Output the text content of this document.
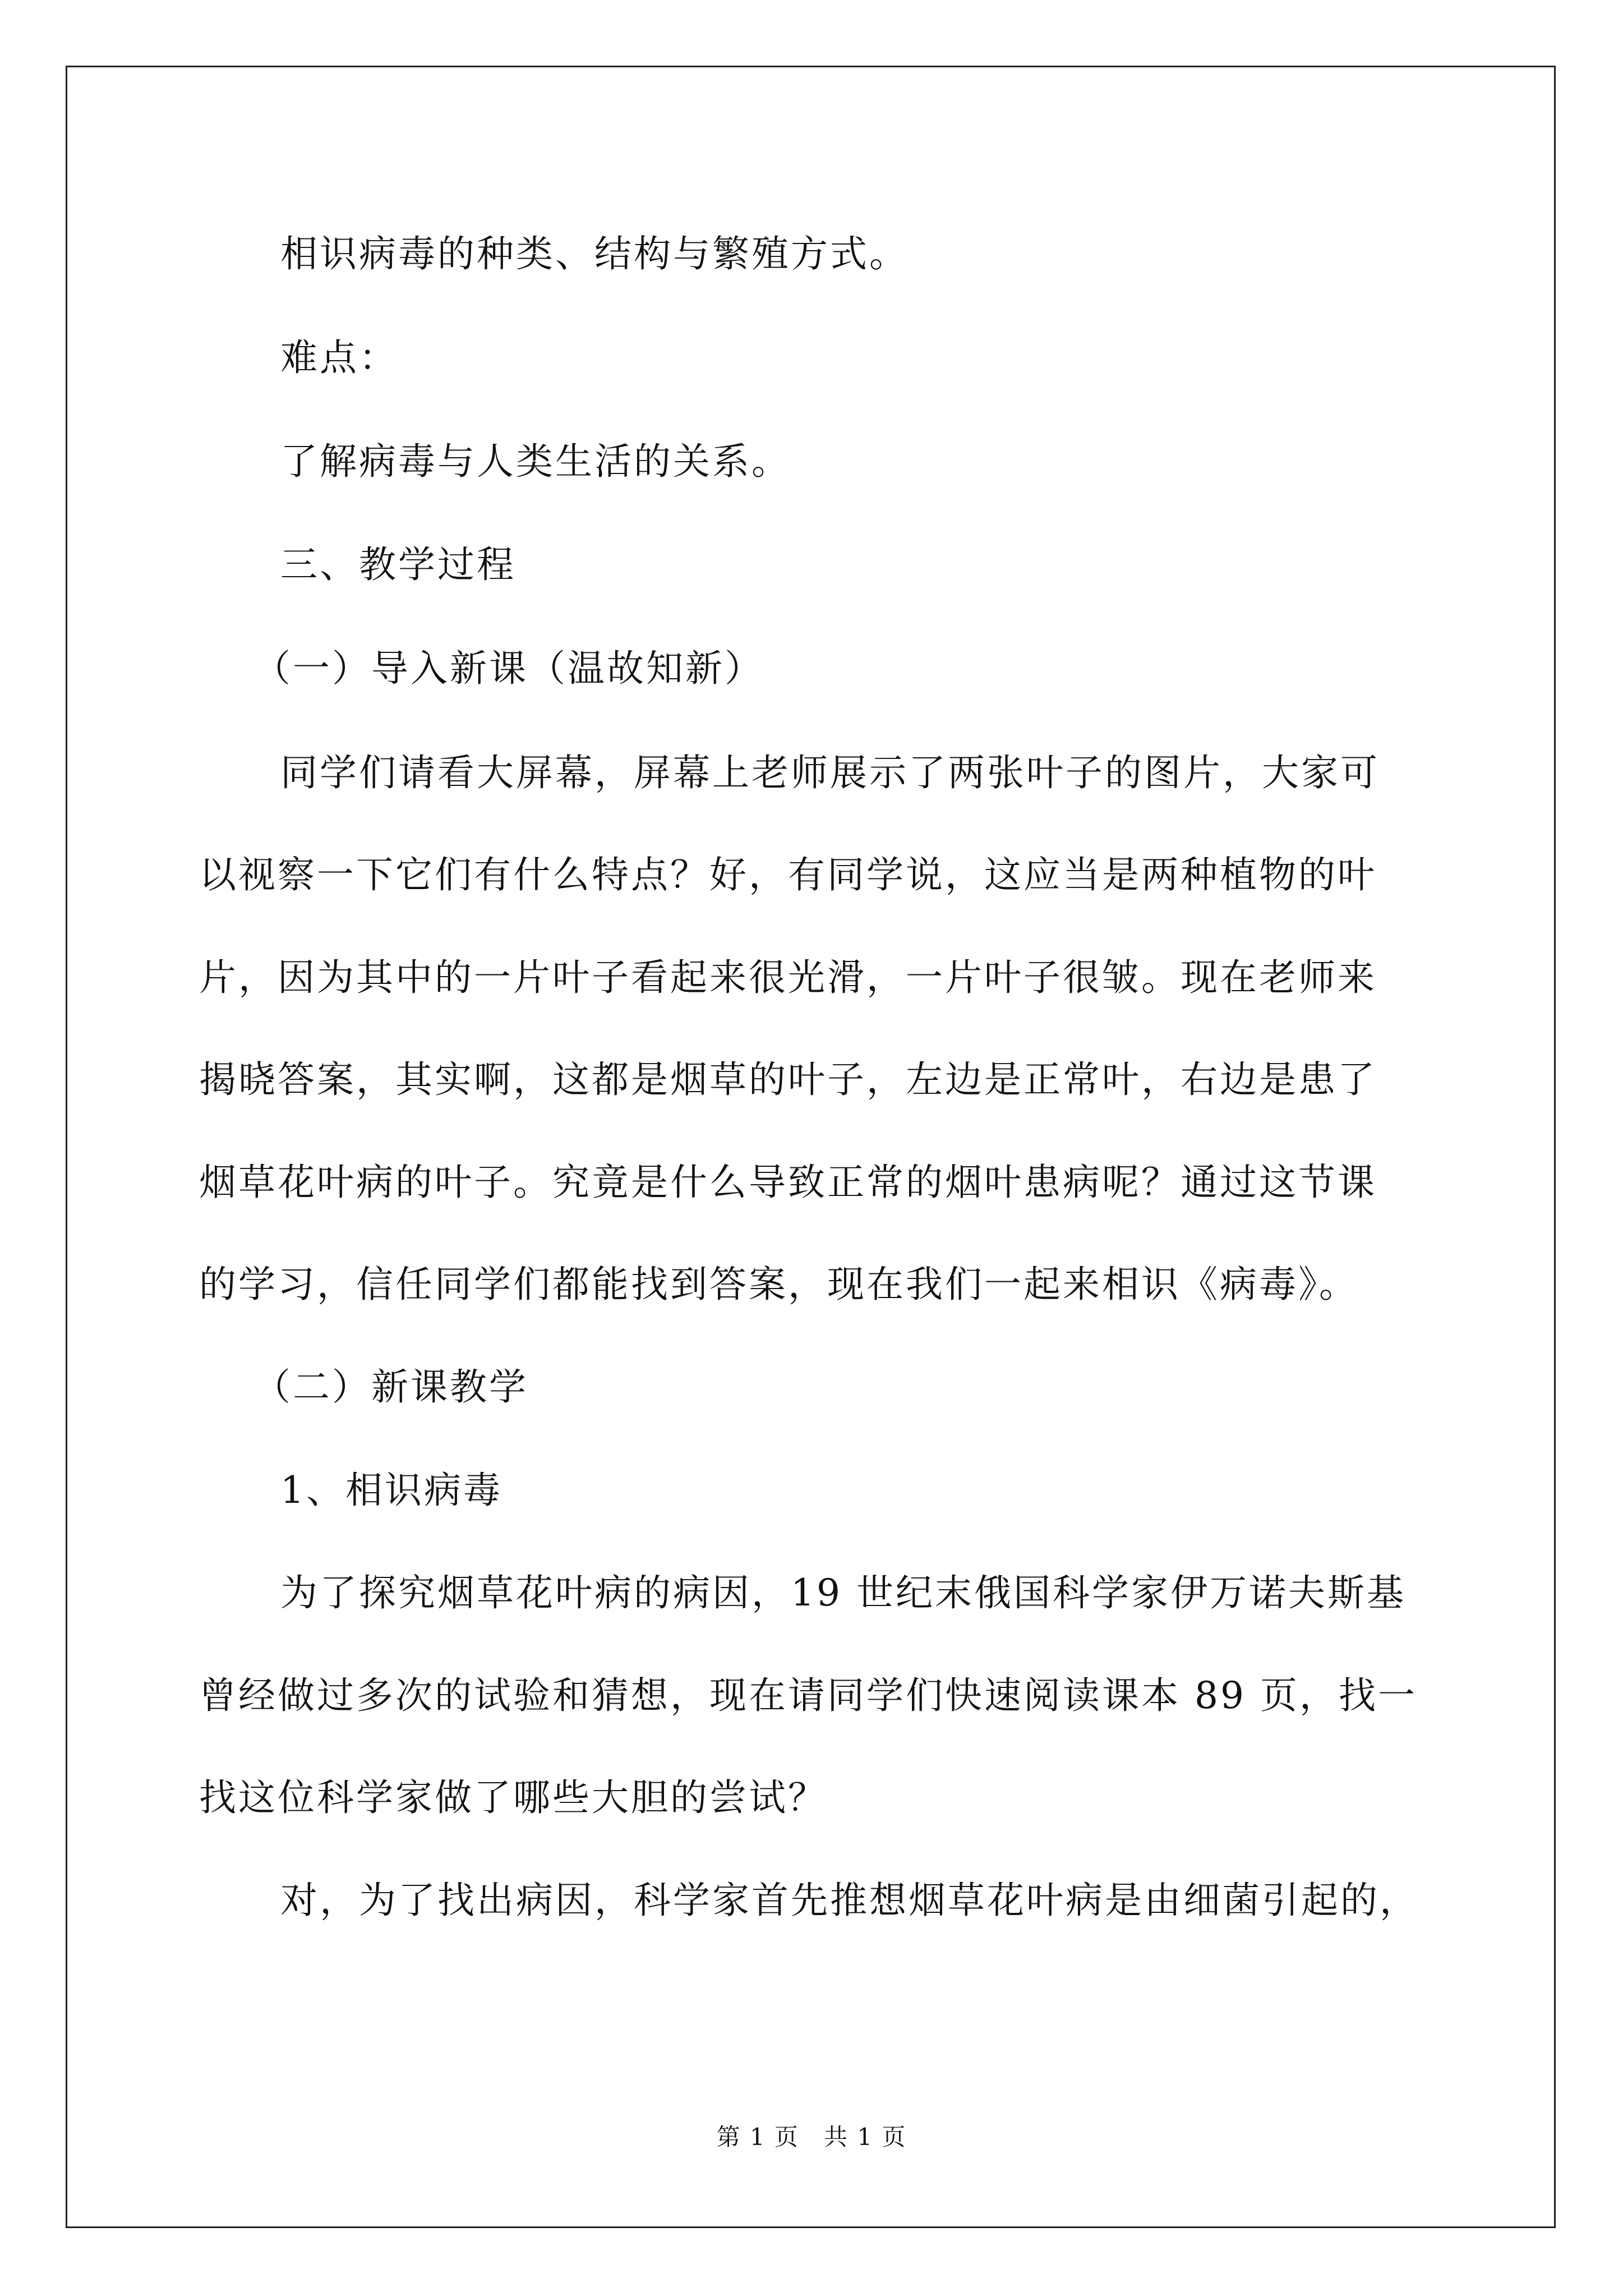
相识病毒的种类、结构与繁殖方式。
难点：
了解病毒与人类生活的关系。
三、教学过程
（一）导入新课（温故知新）
同学们请看大屏幕，屏幕上老师展示了两张叶子的图片，大家可
以视察一下它们有什么特点？好，有同学说，这应当是两种植物的叶
片，因为其中的一片叶子看起来很光滑，一片叶子很皱。现在老师来
揭晓答案，其实啊，这都是烟草的叶子，左边是正常叶，右边是患了
烟草花叶病的叶子。究竟是什么导致正常的烟叶患病呢？通过这节课
的学习，信任同学们都能找到答案，现在我们一起来相识《病毒》。
（二）新课教学
1、相识病毒
为了探究烟草花叶病的病因，19 世纪末俄国科学家伊万诺夫斯基
曾经做过多次的试验和猜想，现在请同学们快速阅读课本 89 页，找一
找这位科学家做了哪些大胆的尝试？
对，为了找出病因，科学家首先推想烟草花叶病是由细菌引起的，
第 1 页　共 1 页
